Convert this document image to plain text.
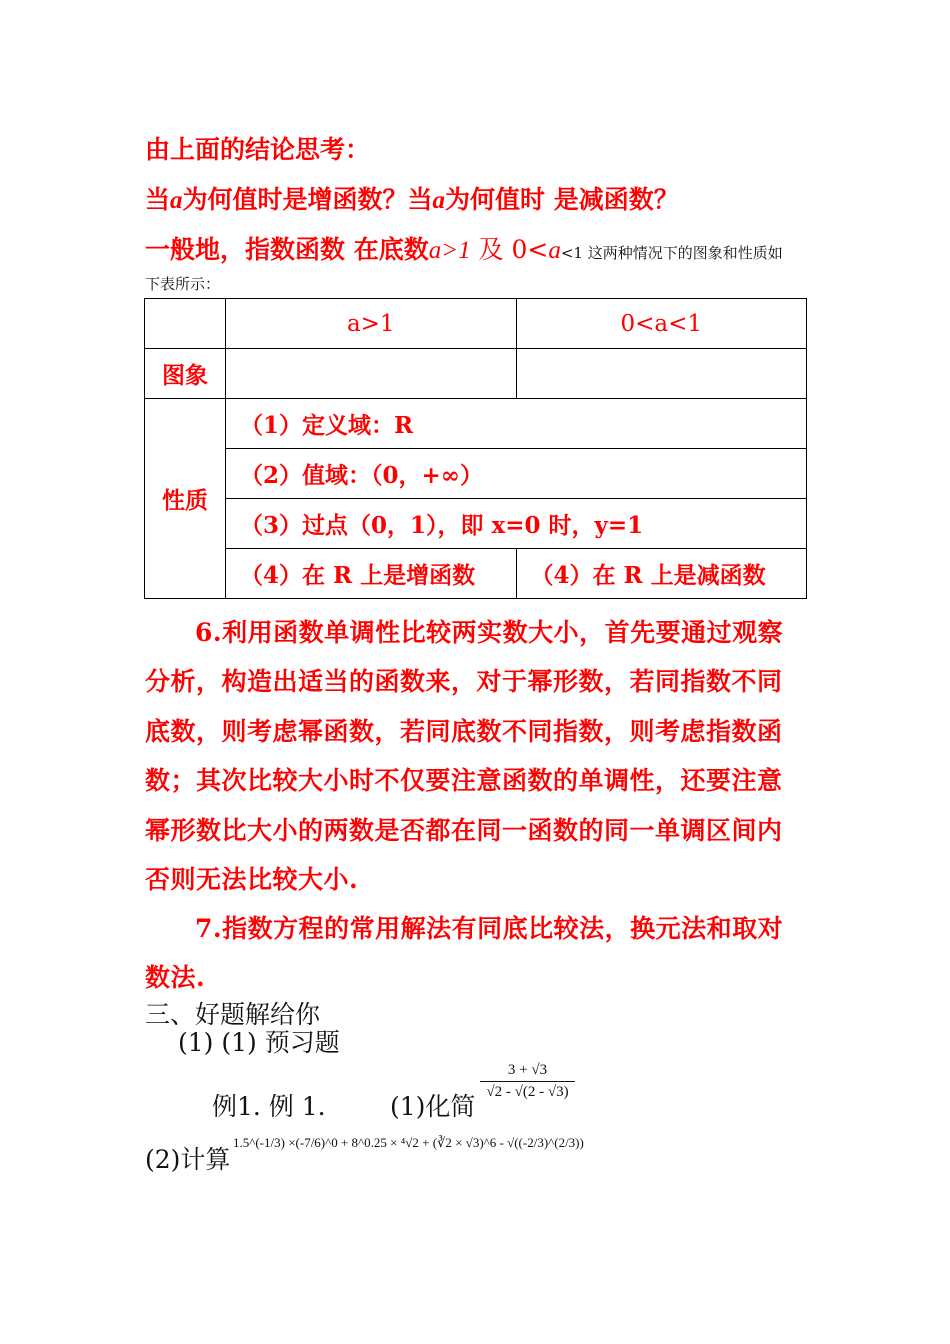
由上面的结论思考：
当a为何值时是增函数？当a为何值时 是减函数？
一般地，指数函数 在底数a>1 及 0<a<1 这两种情况下的图象和性质如
下表所示：
	a>1	0<a<1
图象		
性质	（1）定义域：R	
	（2）值域：（0，+∞）	
	（3）过点（0，1），即 x=0 时，y=1	
	（4）在 R 上是增函数	（4）在 R 上是减函数
6.利用函数单调性比较两实数大小，首先要通过观察分析，构造出适当的函数来，对于幂形数，若同指数不同底数，则考虑幂函数，若同底数不同指数，则考虑指数函数；其次比较大小时不仅要注意函数的单调性，还要注意幂形数比大小的两数是否都在同一函数的同一单调区间内否则无法比较大小.
7.指数方程的常用解法有同底比较法，换元法和取对数法.
三、好题解给你
(1) (1) 预习题
例1. 例 1.	(1)化简
$\frac{3 + √3}{√2 - √(2 - √3)}$
(2)计算
1.5^(-1/3) ×(-7/6)^0 + 8^0.25 × ⁴√2 + (∛2 × √3)^6 - √((-2/3)^(2/3))
